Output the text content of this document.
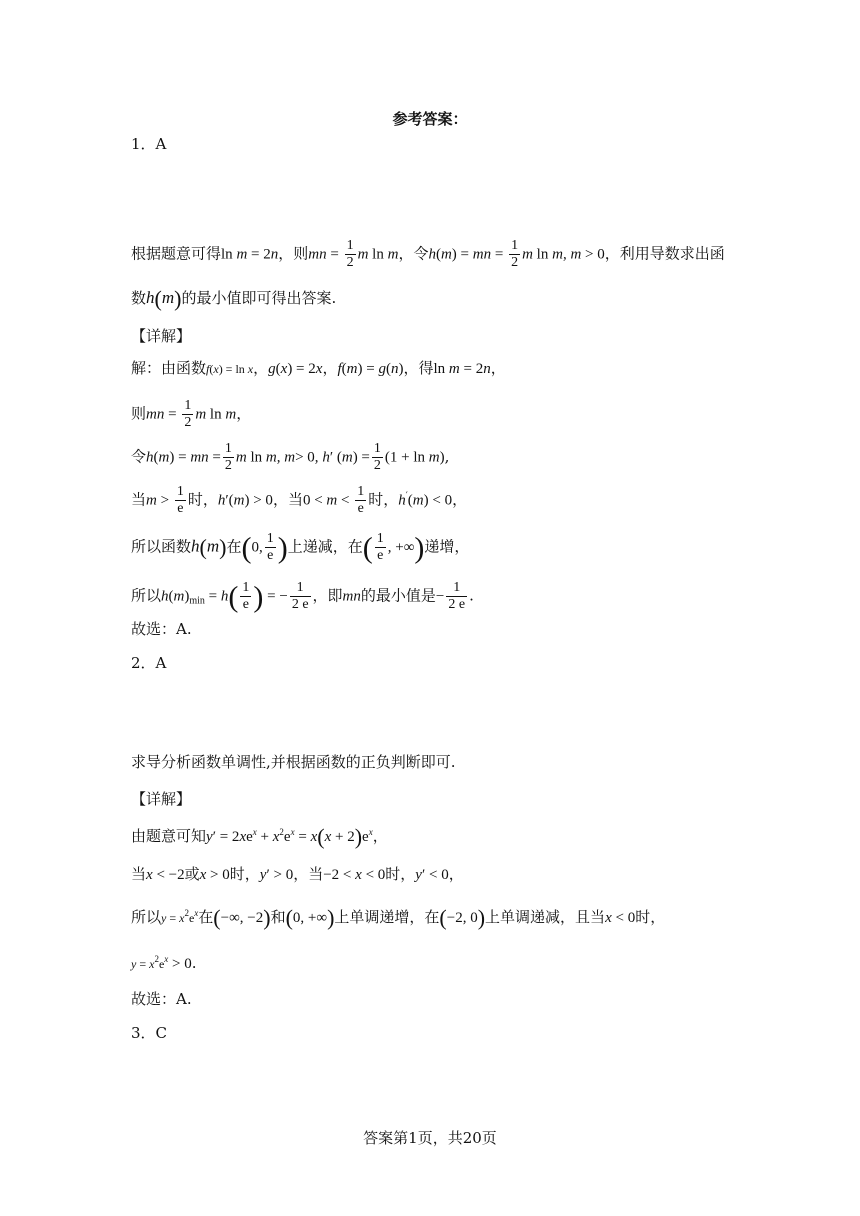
参考答案：
1．A
根据题意可得ln m = 2n，则mn = $\frac{1}{2}$ m ln m，令h(m) = mn = $\frac{1}{2}$ m ln m, m > 0，利用导数求出函
数h(m)的最小值即可得出答案.
【详解】
解：由函数f(x) = ln x，g(x) = 2x，f(m) = g(n)，得ln m = 2n，
则mn = $\frac{1}{2}$ m ln m，
令h(m) = mn = $\frac{1}{2}$ m ln m, m> 0, h′ $(m) = \frac{1}{2} (1 + \ln m)$,
当$m > \frac{1}{e}$ 时，h′(m) > 0，当$0 < m < \frac{1}{e}$ 时，h′(m) < 0，
所以函数h(m)在(0, $\frac{1}{e}$ )上递减，在( $\frac{1}{e}$ , +∞)递增，
所以$h(m)_{min} = h( \frac{1}{e}$ ) = − $\frac{1}{2 e}$ ，即mn的最小值是− $\frac{1}{2 e}$ .
故选：A.
2．A
求导分析函数单调性,并根据函数的正负判断即可.
【详解】
由题意可知$y' = 2xe^x + x^2e^x = x(x + 2)e^x$，
当x < −2或x > 0时，y′ > 0，当−2 < x < 0时，y′ < 0，
所以$y = x^2e^x$在(−∞, −2)和(0, +∞)上单调递增，在(−2, 0)上单调递减，且当x < 0时，
$y = x^2e^x > 0$.
故选：A.
3．C
答案第1页，共20页
